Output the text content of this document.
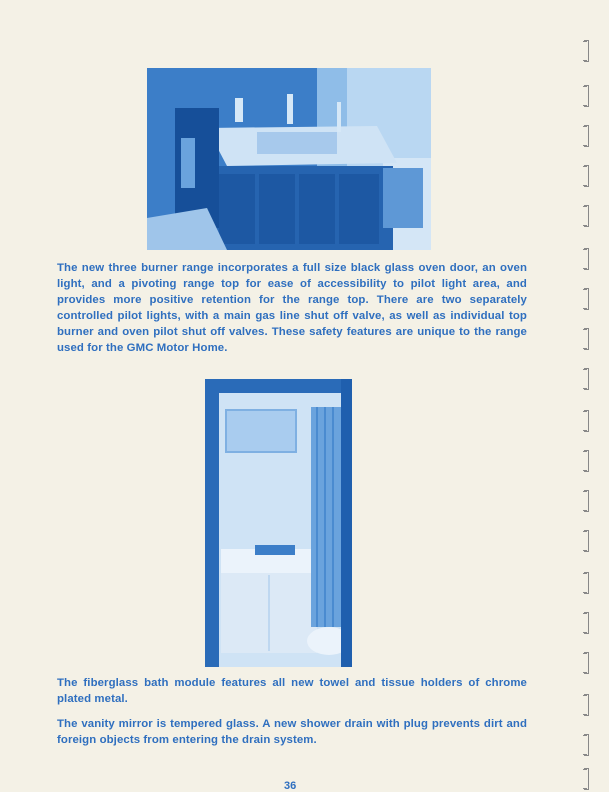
The new three burner range incorporates a full size black glass oven door, an oven light, and a pivoting range top for ease of accessibility to pilot light area, and provides more positive retention for the range top. There are two separately controlled pilot lights, with a main gas line shut off valve, as well as individual top burner and oven pilot shut off valves. These safety features are unique to the range used for the GMC Motor Home.
The fiberglass bath module features all new towel and tissue holders of chrome plated metal.
The vanity mirror is tempered glass. A new shower drain with plug prevents dirt and foreign objects from entering the drain system.
36
